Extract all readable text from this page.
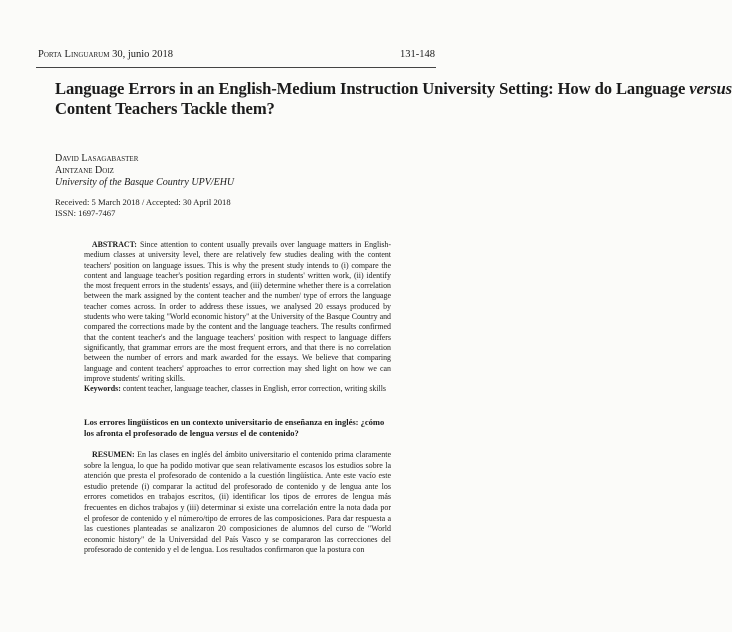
Porta Linguarum 30, junio 2018	131-148
Language Errors in an English-Medium Instruction University Setting: How do Language versus
Content Teachers Tackle them?
David Lasagabaster
Aintzane Doiz
University of the Basque Country UPV/EHU
Received: 5 March 2018 / Accepted: 30 April 2018
ISSN: 1697-7467

 ABSTRACT: Since attention to content usually prevails over language matters in English-medium classes at university level, there are relatively few studies dealing with the content teachers' position on language issues. This is why the present study intends to (i) compare the content and language teacher's position regarding errors in students' written work, (ii) identify the most frequent errors in the students' essays, and (iii) determine whether there is a correlation between the mark assigned by the content teacher and the number/ type of errors the language teacher comes across. In order to address these issues, we analysed 20 essays produced by students who were taking "World economic history" at the University of the Basque Country and compared the corrections made by the content and the language teachers. The results confirmed that the content teacher's and the language teachers' position with respect to language differs significantly, that grammar errors are the most frequent errors, and that there is no correlation between the number of errors and mark awarded for the essays. We believe that comparing language and content teachers' approaches to error correction may shed light on how we can improve students' writing skills.

Keywords: content teacher, language teacher, classes in English, error correction, writing skills

Los errores lingüísticos en un contexto universitario de enseñanza en inglés: ¿cómo los afronta el profesorado de lengua versus el de contenido?

 RESUMEN: En las clases en inglés del ámbito universitario el contenido prima claramente sobre la lengua, lo que ha podido motivar que sean relativamente escasos los estudios sobre la atención que presta el profesorado de contenido a la cuestión lingüística. Ante este vacío este estudio pretende (i) comparar la actitud del profesorado de contenido y de lengua ante los errores cometidos en trabajos escritos, (ii) identificar los tipos de errores de lengua más frecuentes en dichos trabajos y (iii) determinar si existe una correlación entre la nota dada por el profesor de contenido y el número/tipo de errores de las composiciones. Para dar respuesta a las cuestiones planteadas se analizaron 20 composiciones de alumnos del curso de "World economic history" de la Universidad del País Vasco y se compararon las correcciones del profesorado de contenido y el de lengua. Los resultados confirmaron que la postura con
